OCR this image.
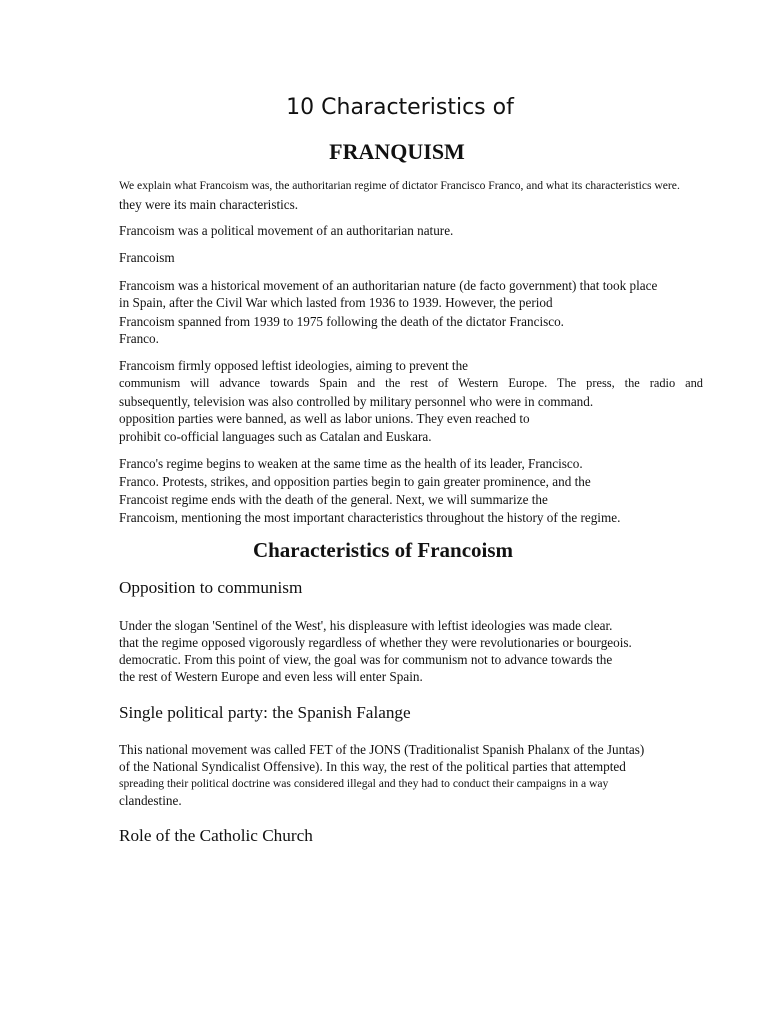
10 Characteristics of
FRANQUISM
We explain what Francoism was, the authoritarian regime of dictator Francisco Franco, and what its characteristics were.
they were its main characteristics.
Francoism was a political movement of an authoritarian nature.
Francoism
Francoism was a historical movement of an authoritarian nature (de facto government) that took place
in Spain, after the Civil War which lasted from 1936 to 1939. However, the period
Francoism spanned from 1939 to 1975 following the death of the dictator Francisco.
Franco.
Francoism firmly opposed leftist ideologies, aiming to prevent the
communism will advance towards Spain and the rest of Western Europe. The press, the radio and
subsequently, television was also controlled by military personnel who were in command.
opposition parties were banned, as well as labor unions. They even reached to
prohibit co-official languages such as Catalan and Euskara.
Franco's regime begins to weaken at the same time as the health of its leader, Francisco.
Franco. Protests, strikes, and opposition parties begin to gain greater prominence, and the
Francoist regime ends with the death of the general. Next, we will summarize the
Francoism, mentioning the most important characteristics throughout the history of the regime.
Characteristics of Francoism
Opposition to communism
Under the slogan 'Sentinel of the West', his displeasure with leftist ideologies was made clear.
that the regime opposed vigorously regardless of whether they were revolutionaries or bourgeois.
democratic. From this point of view, the goal was for communism not to advance towards the
the rest of Western Europe and even less will enter Spain.
Single political party: the Spanish Falange
This national movement was called FET of the JONS (Traditionalist Spanish Phalanx of the Juntas)
of the National Syndicalist Offensive). In this way, the rest of the political parties that attempted
spreading their political doctrine was considered illegal and they had to conduct their campaigns in a way
clandestine.
Role of the Catholic Church
